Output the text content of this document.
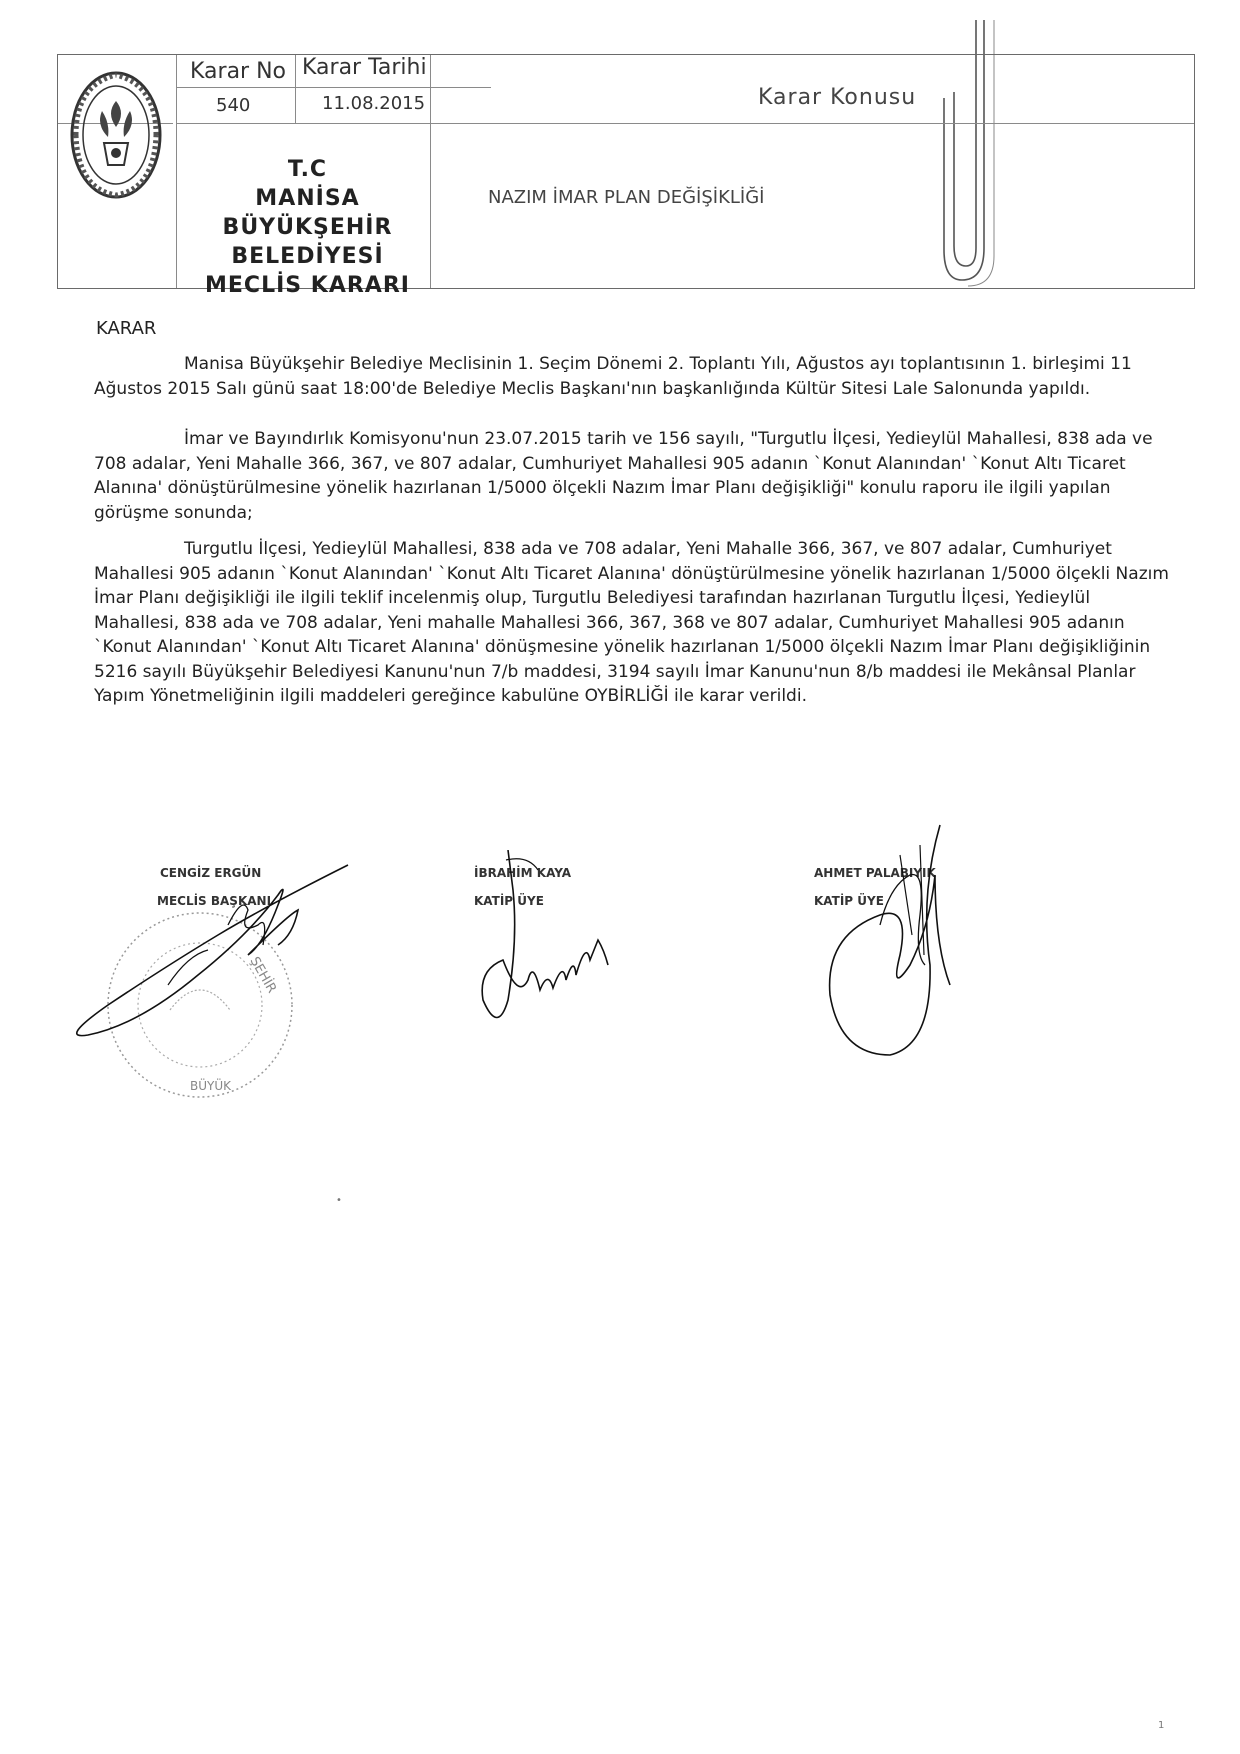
Karar No Karar Tarihi
540	11.08.2015	Karar Konusu
T.C
MANİSA BÜYÜKŞEHİR
BELEDİYESİ
MECLİS KARARI
NAZIM İMAR PLAN DEĞİŞİKLİĞİ
KARAR

Manisa Büyükşehir Belediye Meclisinin 1. Seçim Dönemi 2. Toplantı Yılı, Ağustos ayı toplantısının 1. birleşimi 11 Ağustos 2015 Salı günü saat 18:00'de Belediye Meclis Başkanı'nın başkanlığında Kültür Sitesi Lale Salonunda yapıldı.

İmar ve Bayındırlık Komisyonu'nun 23.07.2015 tarih ve 156 sayılı, "Turgutlu İlçesi, Yedieylül Mahallesi, 838 ada ve 708 adalar, Yeni Mahalle 366, 367, ve 807 adalar, Cumhuriyet Mahallesi 905 adanın `Konut Alanından' `Konut Altı Ticaret Alanına' dönüştürülmesine yönelik hazırlanan 1/5000 ölçekli Nazım İmar Planı değişikliği" konulu raporu ile ilgili yapılan görüşme sonunda;

Turgutlu İlçesi, Yedieylül Mahallesi, 838 ada ve 708 adalar, Yeni Mahalle 366, 367, ve 807 adalar, Cumhuriyet Mahallesi 905 adanın `Konut Alanından' `Konut Altı Ticaret Alanına' dönüştürülmesine yönelik hazırlanan 1/5000 ölçekli Nazım İmar Planı değişikliği ile ilgili teklif incelenmiş olup, Turgutlu Belediyesi tarafından hazırlanan Turgutlu İlçesi, Yedieylül Mahallesi, 838 ada ve 708 adalar, Yeni mahalle Mahallesi 366, 367, 368 ve 807 adalar, Cumhuriyet Mahallesi 905 adanın `Konut Alanından' `Konut Altı Ticaret Alanına' dönüşmesine yönelik hazırlanan 1/5000 ölçekli Nazım İmar Planı değişikliğinin 5216 sayılı Büyükşehir Belediyesi Kanunu'nun 7/b maddesi, 3194 sayılı İmar Kanunu'nun 8/b maddesi ile Mekânsal Planlar Yapım Yönetmeliğinin ilgili maddeleri gereğince kabulüne OYBİRLİĞİ ile karar verildi.

CENGİZ ERGÜN
MECLİS BAŞKANI
İBRAHİM KAYA
KATİP ÜYE
AHMET PALABIYIK
KATİP ÜYE
ŞEHİR
BÜYÜK
•
1
